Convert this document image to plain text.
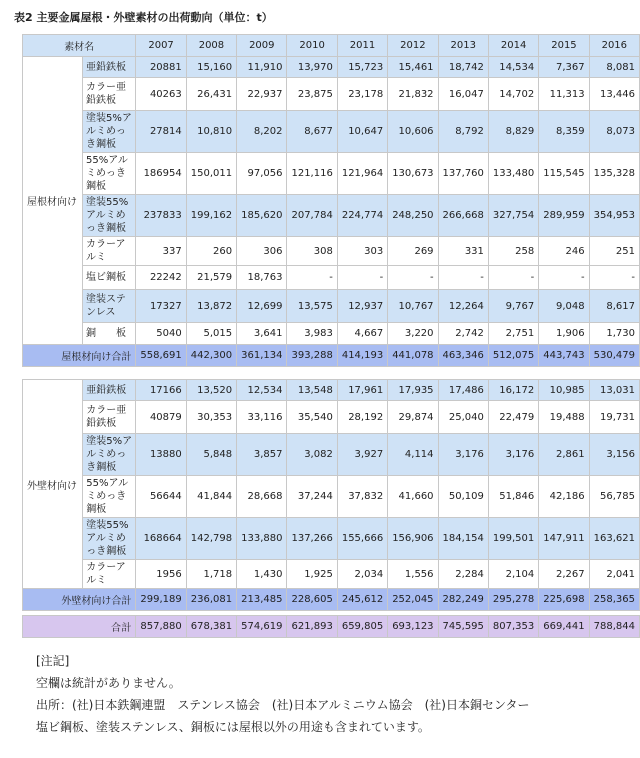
表2 主要金属屋根・外壁素材の出荷動向（単位：t）
素材名		2007	2008	2009	2010	2011	2012	2013	2014	2015	2016
屋根材向け	亜鉛鉄板	20881	15,160	11,910	13,970	15,723	15,461	18,742	14,534	7,367	8,081
	カラー亜鉛鉄板	40263	26,431	22,937	23,875	23,178	21,832	16,047	14,702	11,313	13,446
	塗装5%アルミめっき鋼板	27814	10,810	8,202	8,677	10,647	10,606	8,792	8,829	8,359	8,073
	55%アルミめっき鋼板	186954	150,011	97,056	121,116	121,964	130,673	137,760	133,480	115,545	135,328
	塗装55%アルミめっき鋼板	237833	199,162	185,620	207,784	224,774	248,250	266,668	327,754	289,959	354,953
	カラーアルミ	337	260	306	308	303	269	331	258	246	251
	塩ビ鋼板	22242	21,579	18,763	-	-	-	-	-	-	-
	塗装ステンレス	17327	13,872	12,699	13,575	12,937	10,767	12,264	9,767	9,048	8,617
	銅　　板	5040	5,015	3,641	3,983	4,667	3,220	2,742	2,751	1,906	1,730
屋根材向け合計		558,691	442,300	361,134	393,288	414,193	441,078	463,346	512,075	443,743	530,479
外壁材向け	亜鉛鉄板	17166	13,520	12,534	13,548	17,961	17,935	17,486	16,172	10,985	13,031
	カラー亜鉛鉄板	40879	30,353	33,116	35,540	28,192	29,874	25,040	22,479	19,488	19,731
	塗装5%アルミめっき鋼板	13880	5,848	3,857	3,082	3,927	4,114	3,176	3,176	2,861	3,156
	55%アルミめっき鋼板	56644	41,844	28,668	37,244	37,832	41,660	50,109	51,846	42,186	56,785
	塗装55%アルミめっき鋼板	168664	142,798	133,880	137,266	155,666	156,906	184,154	199,501	147,911	163,621
	カラーアルミ	1956	1,718	1,430	1,925	2,034	1,556	2,284	2,104	2,267	2,041
外壁材向け合計		299,189	236,081	213,485	228,605	245,612	252,045	282,249	295,278	225,698	258,365
合 計	857,880	678,381	574,619	621,893	659,805	693,123	745,595	807,353	669,441	788,844
[注記]
空欄は統計がありません。
出所：(社)日本鉄鋼連盟　ステンレス協会　(社)日本アルミニウム協会　(社)日本銅センター
塩ビ鋼板、塗装ステンレス、銅板には屋根以外の用途も含まれています。
